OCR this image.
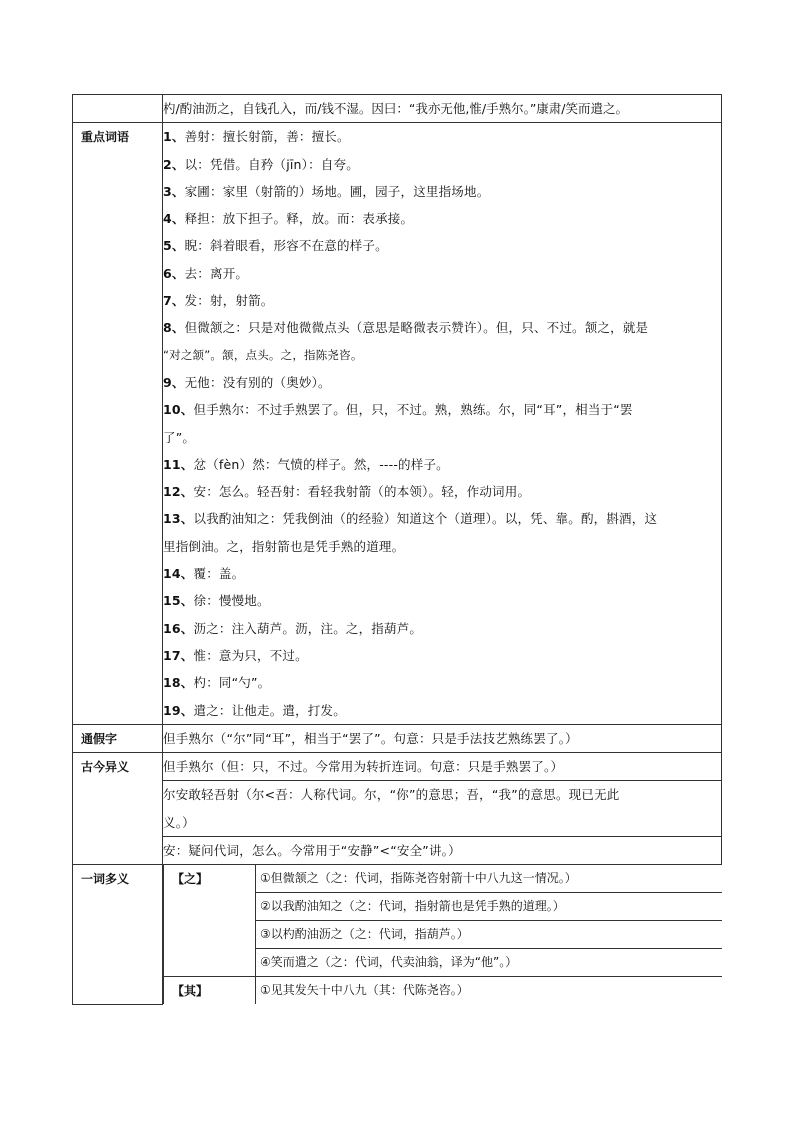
杓/酌油沥之，自钱孔入，而/钱不湿。因曰：“我亦无他,惟/手熟尔。”康肃/笑而遣之。

重点词语	1、善射：擅长射箭，善：擅长。
2、以：凭借。自矜（jīn）：自夸。
3、家圃：家里（射箭的）场地。圃，园子，这里指场地。
4、释担：放下担子。释，放。而：表承接。
5、睨：斜着眼看，形容不在意的样子。
6、去：离开。
7、发：射，射箭。
8、但微颔之：只是对他微微点头（意思是略微表示赞许）。但，只、不过。颔之，就是
“对之颔”。颔，点头。之，指陈尧咨。
9、无他：没有别的（奥妙）。
10、但手熟尔：不过手熟罢了。但，只，不过。熟，熟练。尔，同“耳”，相当于“罢
了”。
11、忿（fèn）然：气愤的样子。然，----的样子。
12、安：怎么。轻吾射：看轻我射箭（的本领）。轻，作动词用。
13、以我酌油知之：凭我倒油（的经验）知道这个（道理）。以，凭、靠。酌，斟酒，这
里指倒油。之，指射箭也是凭手熟的道理。
14、覆：盖。
15、徐：慢慢地。
16、沥之：注入葫芦。沥，注。之，指葫芦。
17、惟：意为只，不过。
18、杓：同“勺”。
19、遣之：让他走。遣，打发。

通假字	但手熟尔（“尔”同“耳”，相当于“罢了”。句意：只是手法技艺熟练罢了。）

古今异义	但手熟尔（但：只，不过。今常用为转折连词。句意：只是手熟罢了。）

尔安敢轻吾射（尔<吾：人称代词。尔，“你”的意思；吾，“我”的意思。现已无此
义。）

安：疑问代词，怎么。今常用于“安静”<“安全”讲。）

一词多义
		【之】	①但微颔之（之：代词，指陈尧咨射箭十中八九这一情况。）
②以我酌油知之（之：代词，指射箭也是凭手熟的道理。）
③以杓酌油沥之（之：代词，指葫芦。）
④笑而遣之（之：代词，代卖油翁，译为“他”。）

【其】	①见其发矢十中八九（其：代陈尧咨。）
